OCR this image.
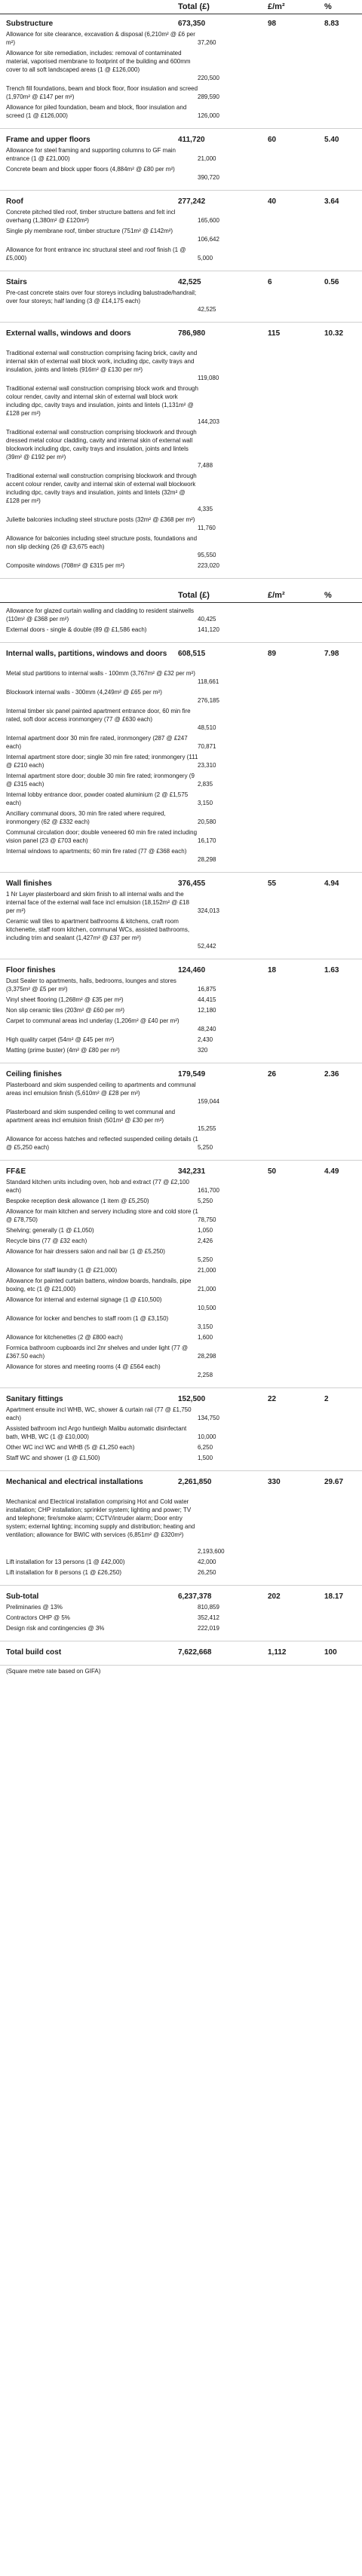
Total (£)	£/m²	%
Substructure	673,350	98	8.83
Allowance for site clearance, excavation & disposal (6,210m² @ £6 per m²)	37,260
Allowance for site remediation, includes: removal of contaminated material, vaporised membrane to footprint of the building and 600mm cover to all soft landscaped areas (1 @ £126,000)
220,500
Trench fill foundations, beam and block floor, floor insulation and screed (1,970m² @ £147 per m²)	289,590
Allowance for piled foundation, beam and block, floor insulation and screed (1 @ £126,000)	126,000
Frame and upper floors	411,720	60	5.40
Allowance for steel framing and supporting columns to GF main entrance (1 @ £21,000)	21,000
Concrete beam and block upper floors (4,884m² @ £80 per m²)
390,720
Roof	277,242	40	3.64
Concrete pitched tiled roof, timber structure battens and felt incl overhang (1,380m² @ £120m²)	165,600
Single ply membrane roof, timber structure (751m² @ £142m²)
106,642
Allowance for front entrance inc structural steel and roof finish (1 @ £5,000)	5,000
Stairs	42,525	6	0.56
Pre-cast concrete stairs over four storeys including balustrade/handrail; over four storeys; half landing (3 @ £14,175 each)
42,525
External walls, windows and doors	786,980	115	10.32
Traditional external wall construction comprising facing brick, cavity and internal skin of external wall block work, including dpc, cavity trays and insulation, joints and lintels (916m² @ £130 per m²)
119,080
Traditional external wall construction comprising block work and through colour render, cavity and internal skin of external wall block work including dpc, cavity trays and insulation, joints and lintels (1,131m² @ £128 per m²)
144,203
Traditional external wall construction comprising blockwork and through dressed metal colour cladding, cavity and internal skin of external wall blockwork including dpc, cavity trays and insulation, joints and lintels (39m² @ £192 per m²)
7,488
Traditional external wall construction comprising blockwork and through accent colour render, cavity and internal skin of external wall blockwork including dpc, cavity trays and insulation, joints and lintels (32m² @ £128 per m²)
4,335
Juliette balconies including steel structure posts (32m² @ £368 per m²)
11,760
Allowance for balconies including steel structure posts, foundations and non slip decking (26 @ £3,675 each)
95,550
Composite windows (708m² @ £315 per m²)	223,020
Total (£)	£/m²	%
Allowance for glazed curtain walling and cladding to resident stairwells (110m² @ £368 per m²)	40,425
External doors - single & double (89 @ £1,586 each)	141,120
Internal walls, partitions, windows and doors	608,515	89	7.98
Metal stud partitions to internal walls - 100mm (3,767m² @ £32 per m²)
118,661
Blockwork internal walls - 300mm (4,249m² @ £65 per m²)
276,185
Internal timber six panel painted apartment entrance door, 60 min fire rated, soft door access ironmongery (77 @ £630 each)
48,510
Internal apartment door 30 min fire rated, ironmongery (287 @ £247 each)	70,871
Internal apartment store door; single 30 min fire rated; ironmongery (111 @ £210 each)	23,310
Internal apartment store door; double 30 min fire rated; ironmongery (9 @ £315 each)	2,835
Internal lobby entrance door, powder coated aluminium (2 @ £1,575 each)	3,150
Ancillary communal doors, 30 min fire rated where required, ironmongery (62 @ £332 each)	20,580
Communal circulation door; double veneered 60 min fire rated including vision panel (23 @ £703 each)	16,170
Internal windows to apartments; 60 min fire rated (77 @ £368 each)
28,298
Wall finishes	376,455	55	4.94
1 Nr Layer plasterboard and skim finish to all internal walls and the internal face of the external wall face incl emulsion (18,152m² @ £18 per m²)	324,013
Ceramic wall tiles to apartment bathrooms & kitchens, craft room kitchenette, staff room kitchen, communal WCs, assisted bathrooms, including trim and sealant (1,427m² @ £37 per m²)
52,442
Floor finishes	124,460	18	1.63
Dust Sealer to apartments, halls, bedrooms, lounges and stores (3,375m² @ £5 per m²)	16,875
Vinyl sheet flooring (1,268m² @ £35 per m²)	44,415
Non slip ceramic tiles (203m² @ £60 per m²)	12,180
Carpet to communal areas incl underlay (1,206m² @ £40 per m²)
48,240
High quality carpet (54m² @ £45 per m²)	2,430
Matting (prime buster) (4m² @ £80 per m²)	320
Ceiling finishes	179,549	26	2.36
Plasterboard and skim suspended ceiling to apartments and communal areas incl emulsion finish (5,610m² @ £28 per m²)
159,044
Plasterboard and skim suspended ceiling to wet communal and apartment areas incl emulsion finish (501m² @ £30 per m²)
15,255
Allowance for access hatches and reflected suspended ceiling details (1 @ £5,250 each)	5,250
FF&E	342,231	50	4.49
Standard kitchen units including oven, hob and extract (77 @ £2,100 each)	161,700
Bespoke reception desk allowance (1 item @ £5,250)	5,250
Allowance for main kitchen and servery including store and cold store (1 @ £78,750)	78,750
Shelving; generally (1 @ £1,050)	1,050
Recycle bins (77 @ £32 each)	2,426
Allowance for hair dressers salon and nail bar (1 @ £5,250)
5,250
Allowance for staff laundry (1 @ £21,000)	21,000
Allowance for painted curtain battens, window boards, handrails, pipe boxing, etc (1 @ £21,000)	21,000
Allowance for internal and external signage (1 @ £10,500)
10,500
Allowance for locker and benches to staff room (1 @ £3,150)
3,150
Allowance for kitchenettes (2 @ £800 each)	1,600
Formica bathroom cupboards incl 2nr shelves and under light (77 @ £367.50 each)	28,298
Allowance for stores and meeting rooms (4 @ £564 each)
2,258
Sanitary fittings	152,500	22	2
Apartment ensuite incl WHB, WC, shower & curtain rail (77 @ £1,750 each)	134,750
Assisted bathroom incl Argo huntleigh Malibu automatic disinfectant bath, WHB, WC (1 @ £10,000)	10,000
Other WC incl WC and WHB (5 @ £1,250 each)	6,250
Staff WC and shower (1 @ £1,500)	1,500
Mechanical and electrical installations	2,261,850	330	29.67
Mechanical and Electrical installation comprising Hot and Cold water installation; CHP installation; sprinkler system; lighting and power; TV and telephone; fire/smoke alarm; CCTV/intruder alarm; Door entry system; external lighting; incoming supply and distribution; heating and ventilation; allowance for BWIC with services (6,851m² @ £320m²)
2,193,600
Lift installation for 13 persons (1 @ £42,000)	42,000
Lift installation for 8 persons (1 @ £26,250)	26,250
Sub-total	6,237,378	202	18.17
Preliminaries @ 13%	810,859
Contractors OHP @ 5%	352,412
Design risk and contingencies @ 3%	222,019
Total build cost	7,622,668	1,112	100
(Square metre rate based on GIFA)
